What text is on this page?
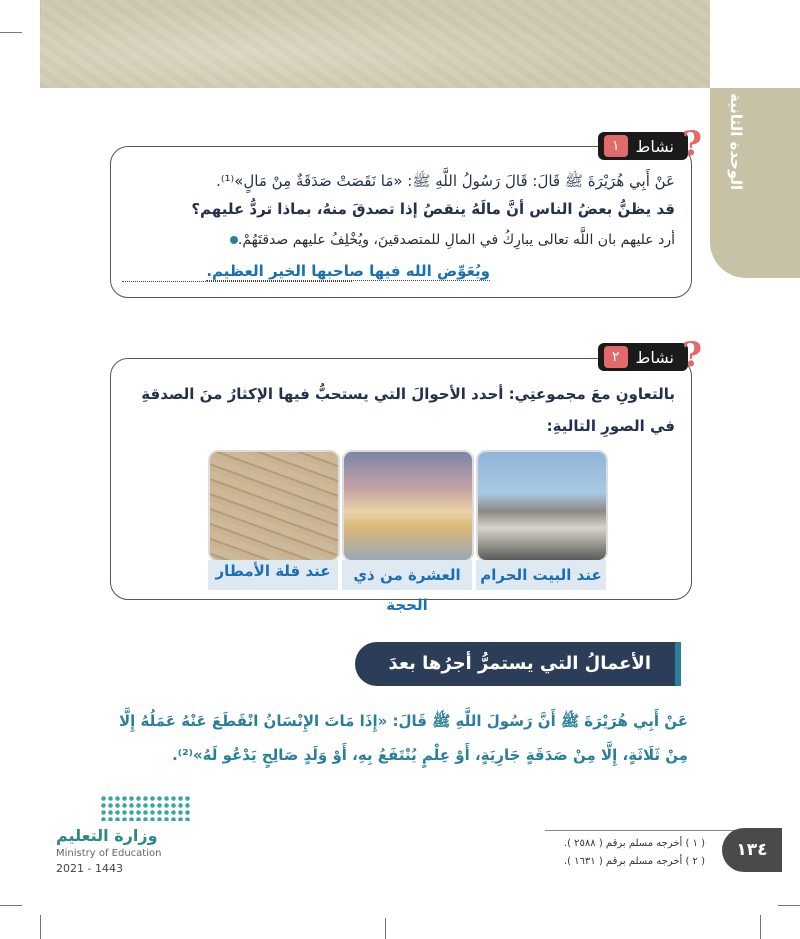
الوحدة الثانية
١	نشاط ?
عَنْ أَبِي هُرَيْرَةَ ﷺ قَالَ: قَالَ رَسُولُ اللَّهِ ﷺ: «مَا نَقَصَتْ صَدَقَةٌ مِنْ مَالٍ»⁽¹⁾.
قد يظنُّ بعضُ الناس أنَّ مالَهُ ينقصُ إذا تصدقَ منهُ، بماذا تردُّ عليهم؟
أرد عليهم بان اللَّه تعالى يبارِكُ في المالِ للمتصدقينَ، ويُخْلِفُ عليهم صدقتَهُمْ.
ويُعَوِّض الله فيها صاحبها الخير العظيم.
٢	نشاط ?
بالتعاونِ معَ مجموعتِي: أحدد الأحوالَ التي يستحبُّ فيها الإكثارُ منَ الصدقةِ
في الصورِ التاليةِ:
عند البيت الحرام
العشرة من ذي الحجة
عند قلة الأمطار
الأعمالُ التي يستمرُّ أجرُها بعدَ الموت
عَنْ أَبِي هُرَيْرَةَ ﷺ أَنَّ رَسُولَ اللَّهِ ﷺ قَالَ: «إِذَا مَاتَ الإِنْسَانُ انْقَطَعَ عَنْهُ عَمَلُهُ إِلَّا
مِنْ ثَلَاثَةٍ، إِلَّا مِنْ صَدَقَةٍ جَارِيَةٍ، أَوْ عِلْمٍ يُنْتَفَعُ بِهِ، أَوْ وَلَدٍ صَالِحٍ يَدْعُو لَهُ»⁽²⁾.
وزارة التعليم
Ministry of Education
2021 - 1443
( ١ ) أخرجه مسلم برقم ( ٢٥٨٨ ).
( ٢ ) أخرجه مسلم برقم ( ١٦٣١ ).
١٣٤
